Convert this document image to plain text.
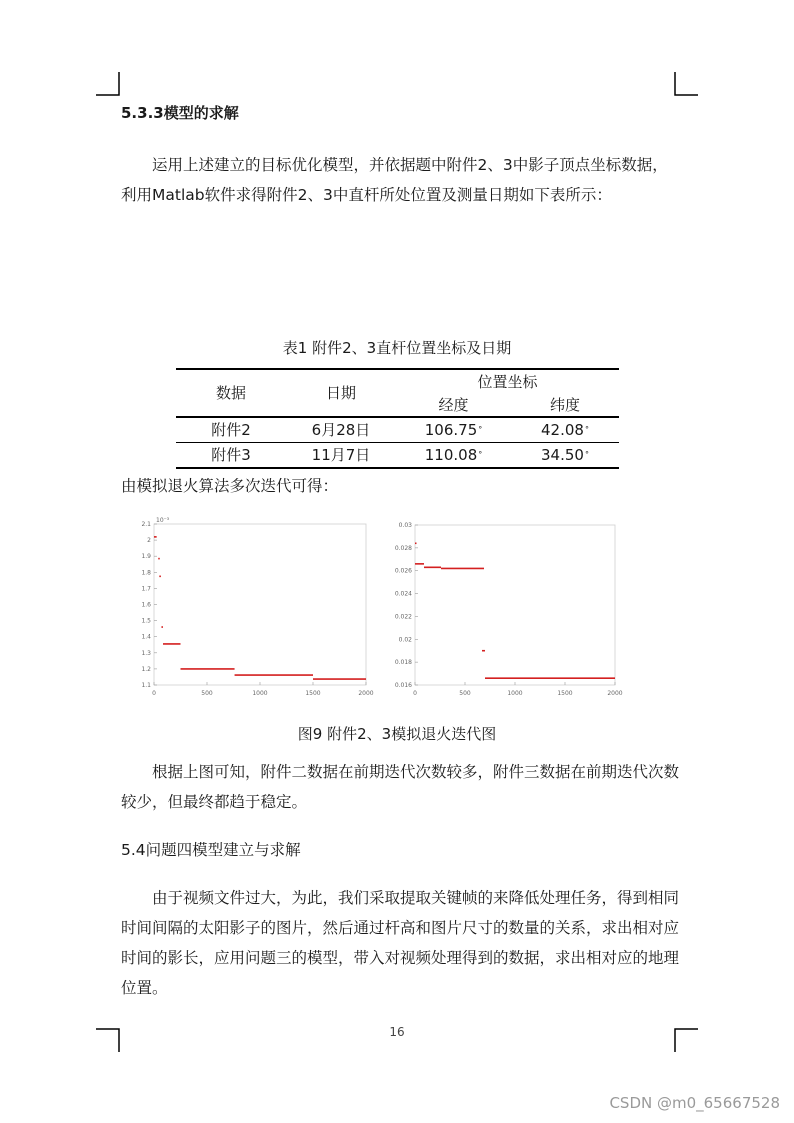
5.3.3模型的求解

运用上述建立的目标优化模型，并依据题中附件2、3中影子顶点坐标数据，利用Matlab软件求得附件2、3中直杆所处位置及测量日期如下表所示：

表1 附件2、3直杆位置坐标及日期
数据	日期	位置坐标	
		经度	纬度
附件2	6月28日	106.75°	42.08°
附件3	11月7日	110.08°	34.50°
由模拟退火算法多次迭代可得：
0	500	1000	1500	2000
1.1
1.2
1.3
1.4
1.5
1.6
1.7
1.8
1.9
2
2.1
10⁻³
0	500	1000	1500	2000
0.016
0.018
0.02
0.022
0.024
0.026
0.028
0.03
图9 附件2、3模拟退火迭代图

根据上图可知，附件二数据在前期迭代次数较多，附件三数据在前期迭代次数较少，但最终都趋于稳定。

5.4问题四模型建立与求解

由于视频文件过大，为此，我们采取提取关键帧的来降低处理任务，得到相同时间间隔的太阳影子的图片，然后通过杆高和图片尺寸的数量的关系，求出相对应时间的影长，应用问题三的模型，带入对视频处理得到的数据，求出相对应的地理位置。

16
CSDN @m0_65667528
